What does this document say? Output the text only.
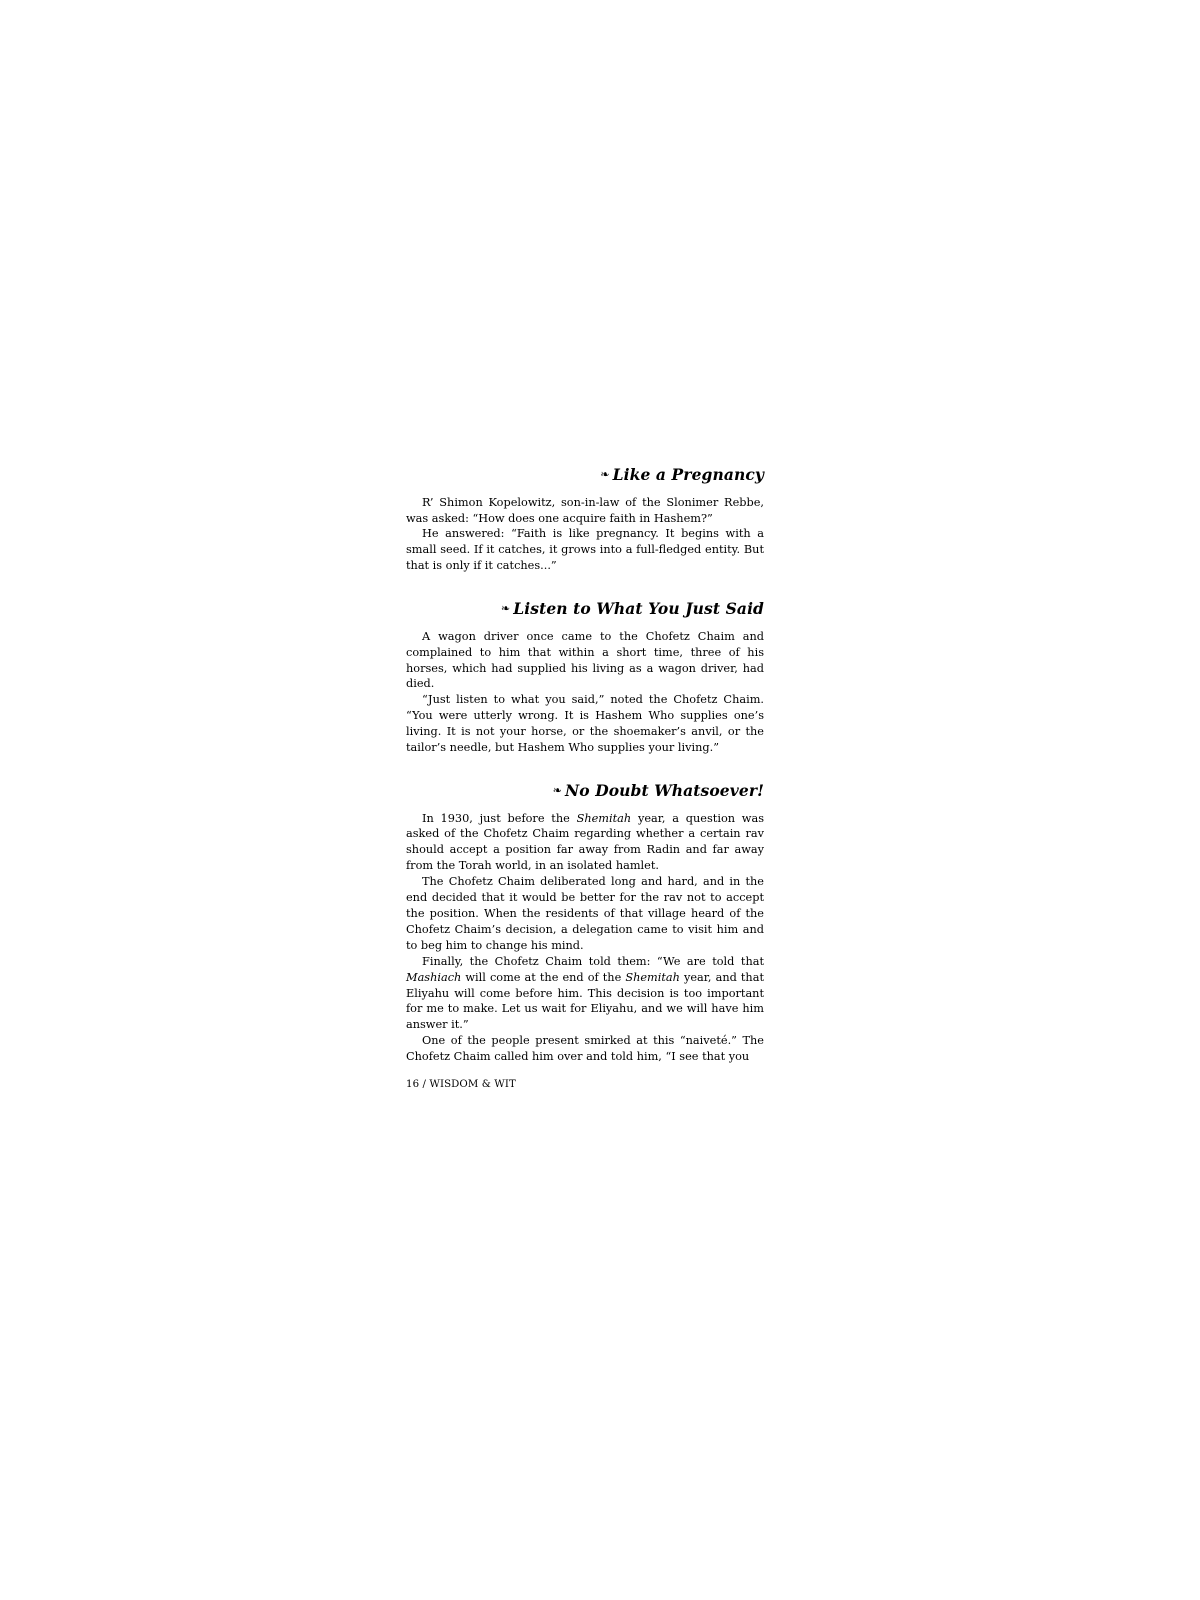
❧ Like a Pregnancy

R’ Shimon Kopelowitz, son-in-law of the Slonimer Rebbe, was asked: “How does one acquire faith in Hashem?”

He answered: “Faith is like pregnancy. It begins with a small seed. If it catches, it grows into a full-fledged entity. But that is only if it catches...”

❧ Listen to What You Just Said

A wagon driver once came to the Chofetz Chaim and complained to him that within a short time, three of his horses, which had supplied his living as a wagon driver, had died.

“Just listen to what you said,” noted the Chofetz Chaim. “You were utterly wrong. It is Hashem Who supplies one’s living. It is not your horse, or the shoemaker’s anvil, or the tailor’s needle, but Hashem Who supplies your living.”

❧ No Doubt Whatsoever!

In 1930, just before the Shemitah year, a question was asked of the Chofetz Chaim regarding whether a certain rav should accept a position far away from Radin and far away from the Torah world, in an isolated hamlet.

The Chofetz Chaim deliberated long and hard, and in the end decided that it would be better for the rav not to accept the position. When the residents of that village heard of the Chofetz Chaim’s decision, a delegation came to visit him and to beg him to change his mind.

Finally, the Chofetz Chaim told them: “We are told that Mashiach will come at the end of the Shemitah year, and that Eliyahu will come before him. This decision is too important for me to make. Let us wait for Eliyahu, and we will have him answer it.”

One of the people present smirked at this “naiveté.” The Chofetz Chaim called him over and told him, “I see that you

16 / WISDOM & WIT
